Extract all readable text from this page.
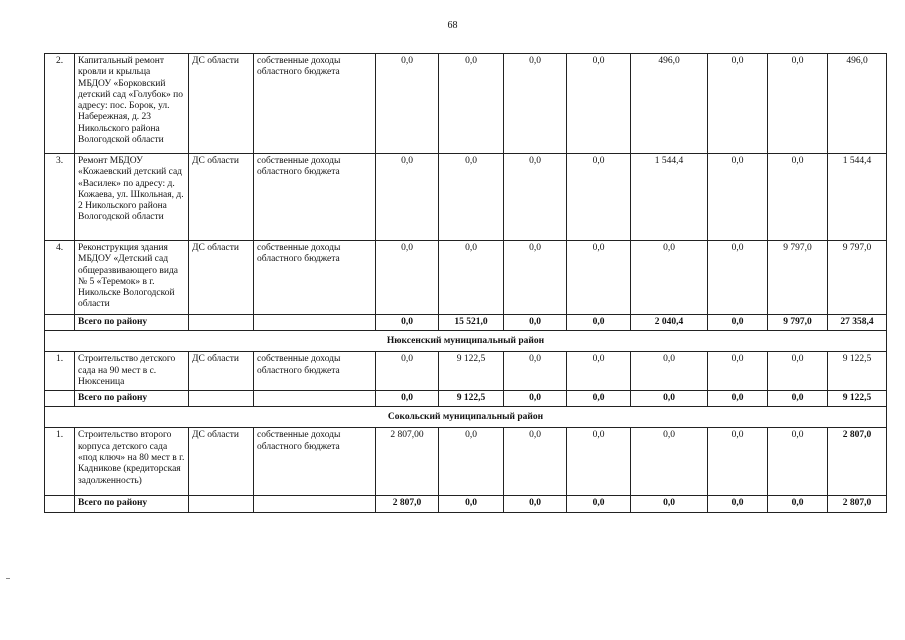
68
2.	Капитальный ремонт кровли и крыльца МБДОУ «Борковский детский сад «Голубок» по адресу: пос. Борок, ул. Набережная, д. 23 Никольского района Вологодской области	ДС области	собственные доходы областного бюджета	0,0	0,0	0,0	0,0	496,0	0,0	0,0	496,0
3.	Ремонт МБДОУ «Кожаевский детский сад «Василек» по адресу: д. Кожаева, ул. Школьная, д. 2 Никольского района Вологодской области	ДС области	собственные доходы областного бюджета	0,0	0,0	0,0	0,0	1 544,4	0,0	0,0	1 544,4
4.	Реконструкция здания МБДОУ «Детский сад общеразвивающего вида № 5 «Теремок» в г. Никольске Вологодской области	ДС области	собственные доходы областного бюджета	0,0	0,0	0,0	0,0	0,0	0,0	9 797,0	9 797,0
	Всего по району			0,0	15 521,0	0,0	0,0	2 040,4	0,0	9 797,0	27 358,4
Нюксенский муниципальный район											
1.	Строительство детского сада на 90 мест в с. Нюксеница	ДС области	собственные доходы областного бюджета	0,0	9 122,5	0,0	0,0	0,0	0,0	0,0	9 122,5
	Всего по району			0,0	9 122,5	0,0	0,0	0,0	0,0	0,0	9 122,5
Сокольский муниципальный район											
1.	Строительство второго корпуса детского сада «под ключ» на 80 мест в г. Кадникове (кредиторская задолженность)	ДС области	собственные доходы областного бюджета	2 807,00	0,0	0,0	0,0	0,0	0,0	0,0	2 807,0
	Всего по району			2 807,0	0,0	0,0	0,0	0,0	0,0	0,0	2 807,0
